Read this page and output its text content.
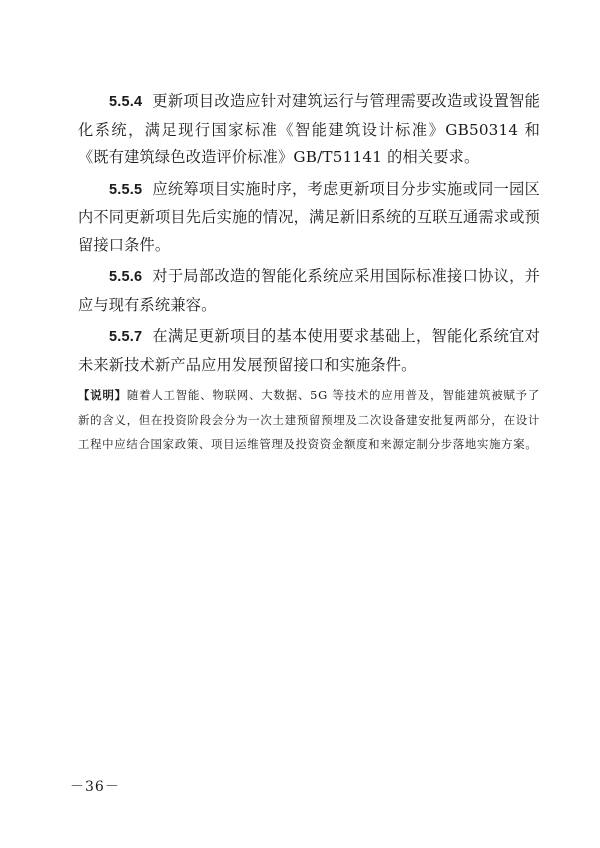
5.5.4 更新项目改造应针对建筑运行与管理需要改造或设置智能化系统，满足现行国家标准《智能建筑设计标准》GB50314 和《既有建筑绿色改造评价标准》GB/T51141 的相关要求。

5.5.5 应统筹项目实施时序，考虑更新项目分步实施或同一园区内不同更新项目先后实施的情况，满足新旧系统的互联互通需求或预留接口条件。

5.5.6 对于局部改造的智能化系统应采用国际标准接口协议，并应与现有系统兼容。

5.5.7 在满足更新项目的基本使用要求基础上，智能化系统宜对未来新技术新产品应用发展预留接口和实施条件。

【说明】随着人工智能、物联网、大数据、5G 等技术的应用普及，智能建筑被赋予了新的含义，但在投资阶段会分为一次土建预留预埋及二次设备建安批复两部分，在设计工程中应结合国家政策、项目运维管理及投资资金额度和来源定制分步落地实施方案。

－36－
